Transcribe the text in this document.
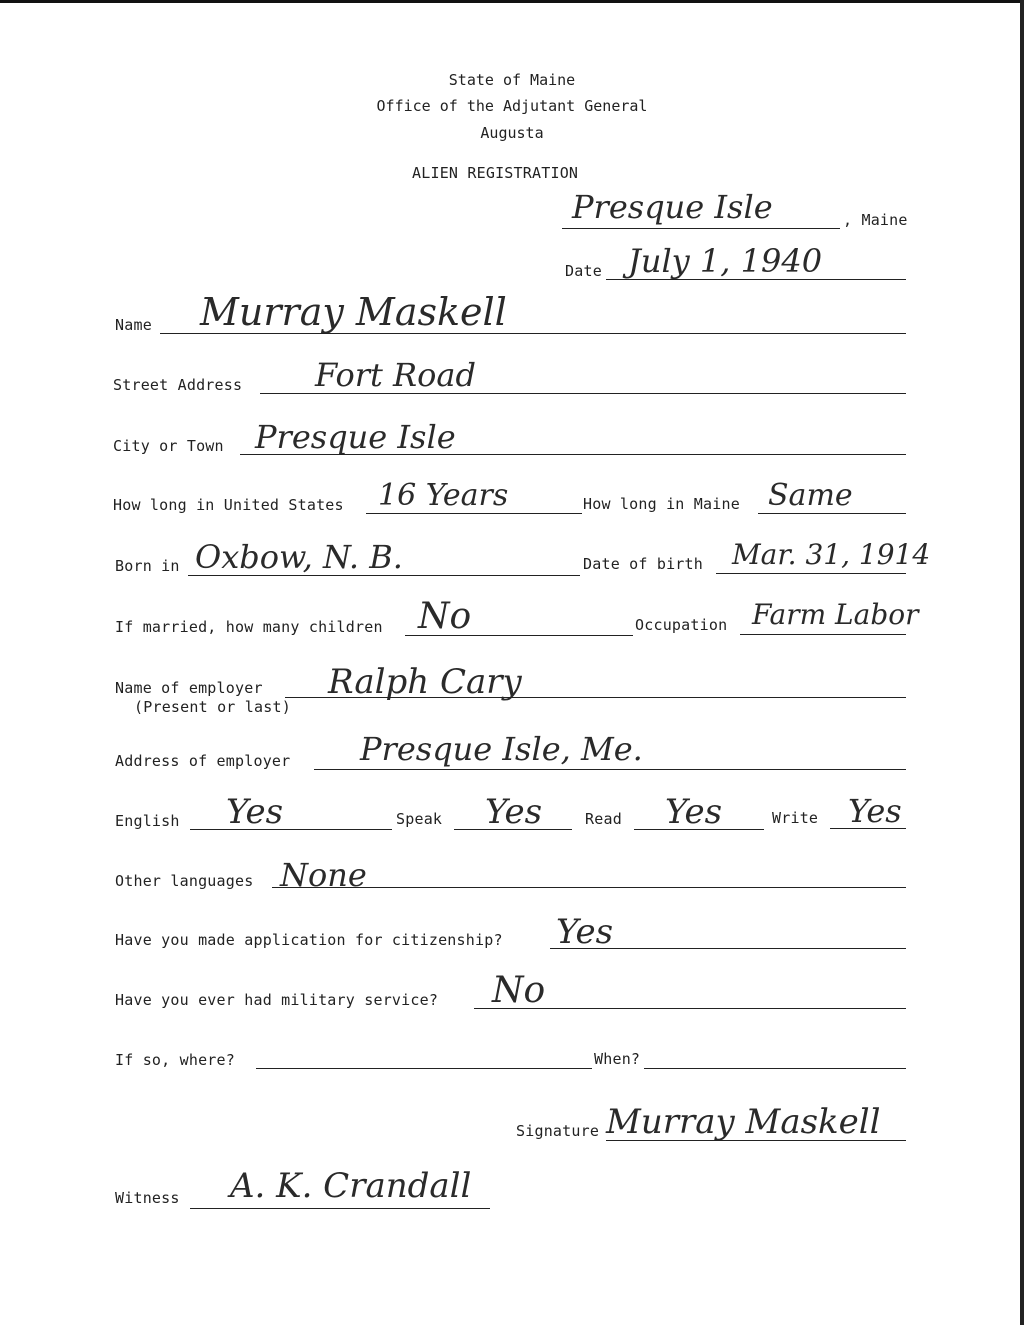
State of Maine
Office of the Adjutant General
Augusta
ALIEN REGISTRATION
Presque Isle	, Maine
Date July 1, 1940
Name Murray Maskell
Street Address Fort Road
City or Town Presque Isle
How long in United States 16 Years	How long in Maine Same
Born in Oxbow, N. B.	Date of birth Mar. 31, 1914
If married, how many children No	Occupation Farm Labor
Name of employer
(Present or last)
Ralph Cary
Address of employer Presque Isle, Me.
English Yes	Speak Yes	Read Yes	Write Yes
Other languages None
Have you made application for citizenship? Yes
Have you ever had military service? No
If so, where?	When?
Signature Murray Maskell
Witness A. K. Crandall
